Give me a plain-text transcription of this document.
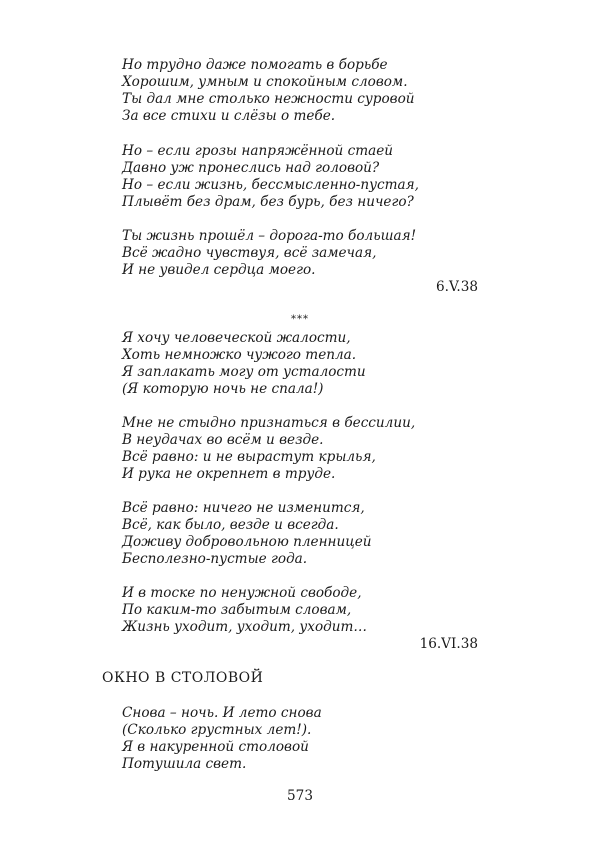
Но трудно даже помогать в борьбе
Хорошим, умным и спокойным словом.
Ты дал мне столько нежности суровой
За все стихи и слёзы о тебе.
Но – если грозы напряжённой стаей
Давно уж пронеслись над головой?
Но – если жизнь, бессмысленно-пустая,
Плывёт без драм, без бурь, без ничего?
Ты жизнь прошёл – дорога-то большая!
Всё жадно чувствуя, всё замечая,
И не увидел сердца моего.
6.V.38
***
Я хочу человеческой жалости,
Хоть немножко чужого тепла.
Я заплакать могу от усталости
(Я которую ночь не спала!)
Мне не стыдно признаться в бессилии,
В неудачах во всём и везде.
Всё равно: и не вырастут крылья,
И рука не окрепнет в труде.
Всё равно: ничего не изменится,
Всё, как было, везде и всегда.
Доживу добровольною пленницей
Бесполезно-пустые года.
И в тоске по ненужной свободе,
По каким-то забытым словам,
Жизнь уходит, уходит, уходит…
16.VI.38
ОКНО В СТОЛОВОЙ
Снова – ночь. И лето снова
(Сколько грустных лет!).
Я в накуренной столовой
Потушила свет.
573
